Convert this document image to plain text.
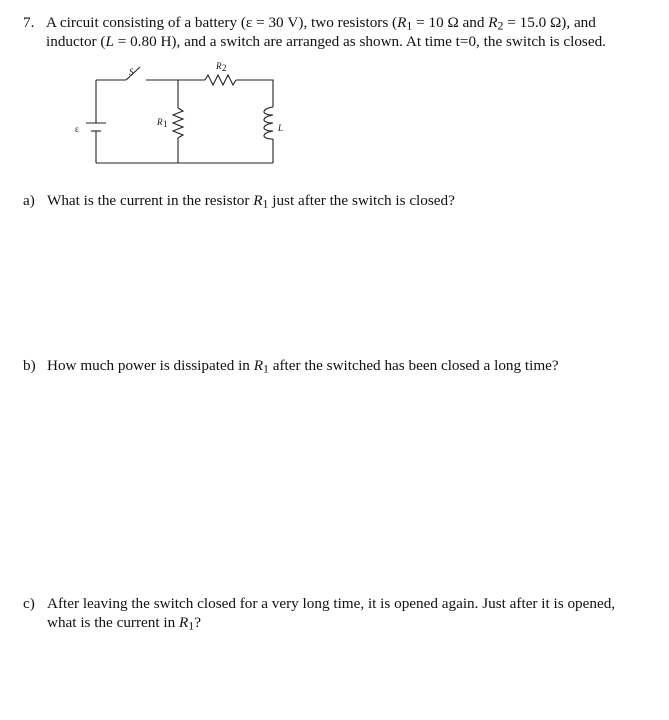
7. A circuit consisting of a battery (ε = 30 V), two resistors ($R_1 = 10$ Ω and $R_2 = 15.0$ Ω), and
inductor (L = 0.80 H), and a switch are arranged as shown. At time t=0, the switch is closed.
S
R 2
R 1
ε	L
a) What is the current in the resistor $R_1$ just after the switch is closed?
b) How much power is dissipated in $R_1$ after the switched has been closed a long time?
c) After leaving the switch closed for a very long time, it is opened again. Just after it is opened,
what is the current in $R_1$?
